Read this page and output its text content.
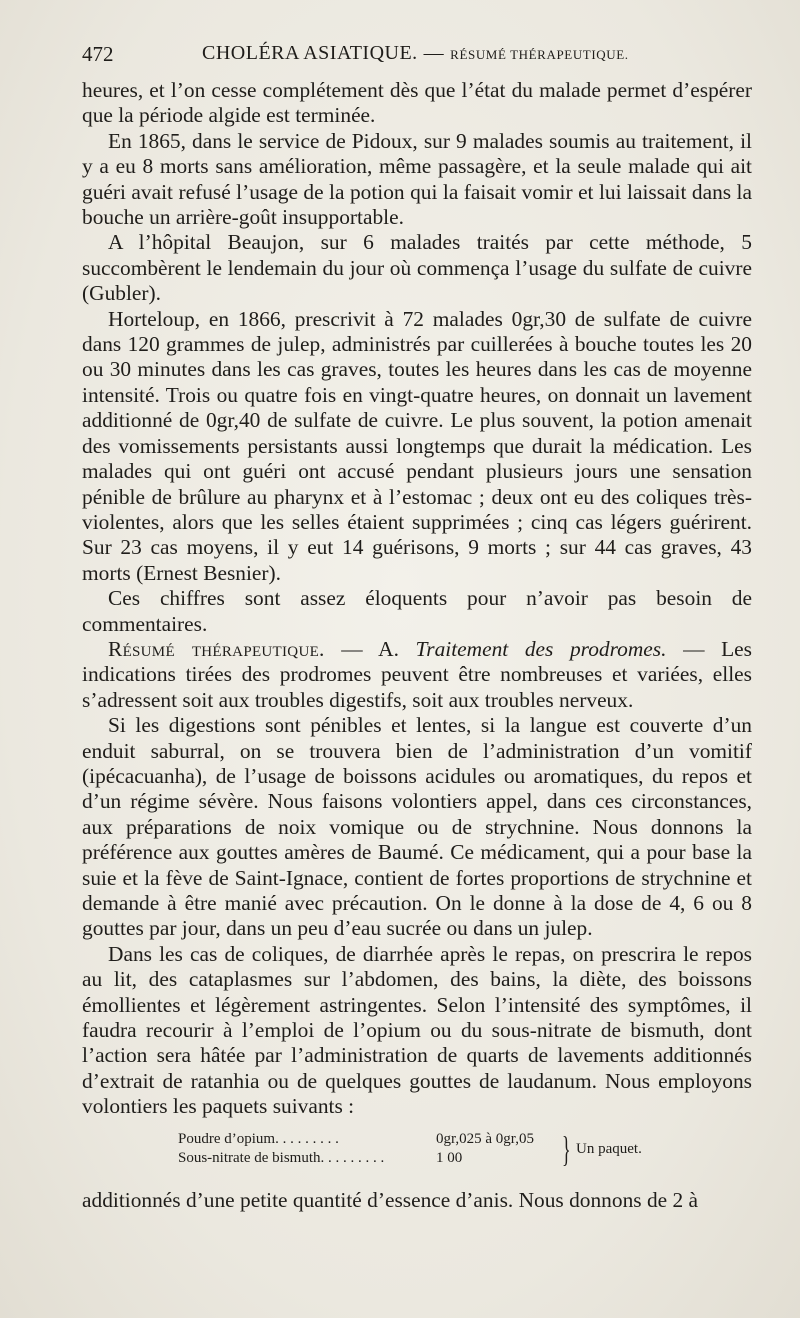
472	CHOLÉRA ASIATIQUE. — RÉSUMÉ THÉRAPEUTIQUE.

heures, et l’on cesse complétement dès que l’état du malade permet d’espérer que la période algide est terminée.

En 1865, dans le service de Pidoux, sur 9 malades soumis au traitement, il y a eu 8 morts sans amélioration, même passagère, et la seule malade qui ait guéri avait refusé l’usage de la potion qui la faisait vomir et lui laissait dans la bouche un arrière-goût insupportable.

A l’hôpital Beaujon, sur 6 malades traités par cette méthode, 5 succombèrent le lendemain du jour où commença l’usage du sulfate de cuivre (Gubler).

Horteloup, en 1866, prescrivit à 72 malades 0gr,30 de sulfate de cuivre dans 120 grammes de julep, administrés par cuillerées à bouche toutes les 20 ou 30 minutes dans les cas graves, toutes les heures dans les cas de moyenne intensité. Trois ou quatre fois en vingt-quatre heures, on donnait un lavement additionné de 0gr,40 de sulfate de cuivre. Le plus souvent, la potion amenait des vomissements persistants aussi longtemps que durait la médication. Les malades qui ont guéri ont accusé pendant plusieurs jours une sensation pénible de brûlure au pharynx et à l’estomac ; deux ont eu des coliques très-violentes, alors que les selles étaient supprimées ; cinq cas légers guérirent. Sur 23 cas moyens, il y eut 14 guérisons, 9 morts ; sur 44 cas graves, 43 morts (Ernest Besnier).

Ces chiffres sont assez éloquents pour n’avoir pas besoin de commentaires.

Résumé thérapeutique. — A. Traitement des prodromes. — Les indications tirées des prodromes peuvent être nombreuses et variées, elles s’adressent soit aux troubles digestifs, soit aux troubles nerveux.

Si les digestions sont pénibles et lentes, si la langue est couverte d’un enduit saburral, on se trouvera bien de l’administration d’un vomitif (ipécacuanha), de l’usage de boissons acidules ou aromatiques, du repos et d’un régime sévère. Nous faisons volontiers appel, dans ces circonstances, aux préparations de noix vomique ou de strychnine. Nous donnons la préférence aux gouttes amères de Baumé. Ce médicament, qui a pour base la suie et la fève de Saint-Ignace, contient de fortes proportions de strychnine et demande à être manié avec précaution. On le donne à la dose de 4, 6 ou 8 gouttes par jour, dans un peu d’eau sucrée ou dans un julep.

Dans les cas de coliques, de diarrhée après le repas, on prescrira le repos au lit, des cataplasmes sur l’abdomen, des bains, la diète, des boissons émollientes et légèrement astringentes. Selon l’intensité des symptômes, il faudra recourir à l’emploi de l’opium ou du sous-nitrate de bismuth, dont l’action sera hâtée par l’administration de quarts de lavements additionnés d’extrait de ratanhia ou de quelques gouttes de laudanum. Nous employons volontiers les paquets suivants :

Poudre d’opium. . . . . . . . .	0gr,025 à 0gr,05
Sous-nitrate de bismuth. . . . . . . . .	1 00	} Un paquet.

additionnés d’une petite quantité d’essence d’anis. Nous donnons de 2 à
